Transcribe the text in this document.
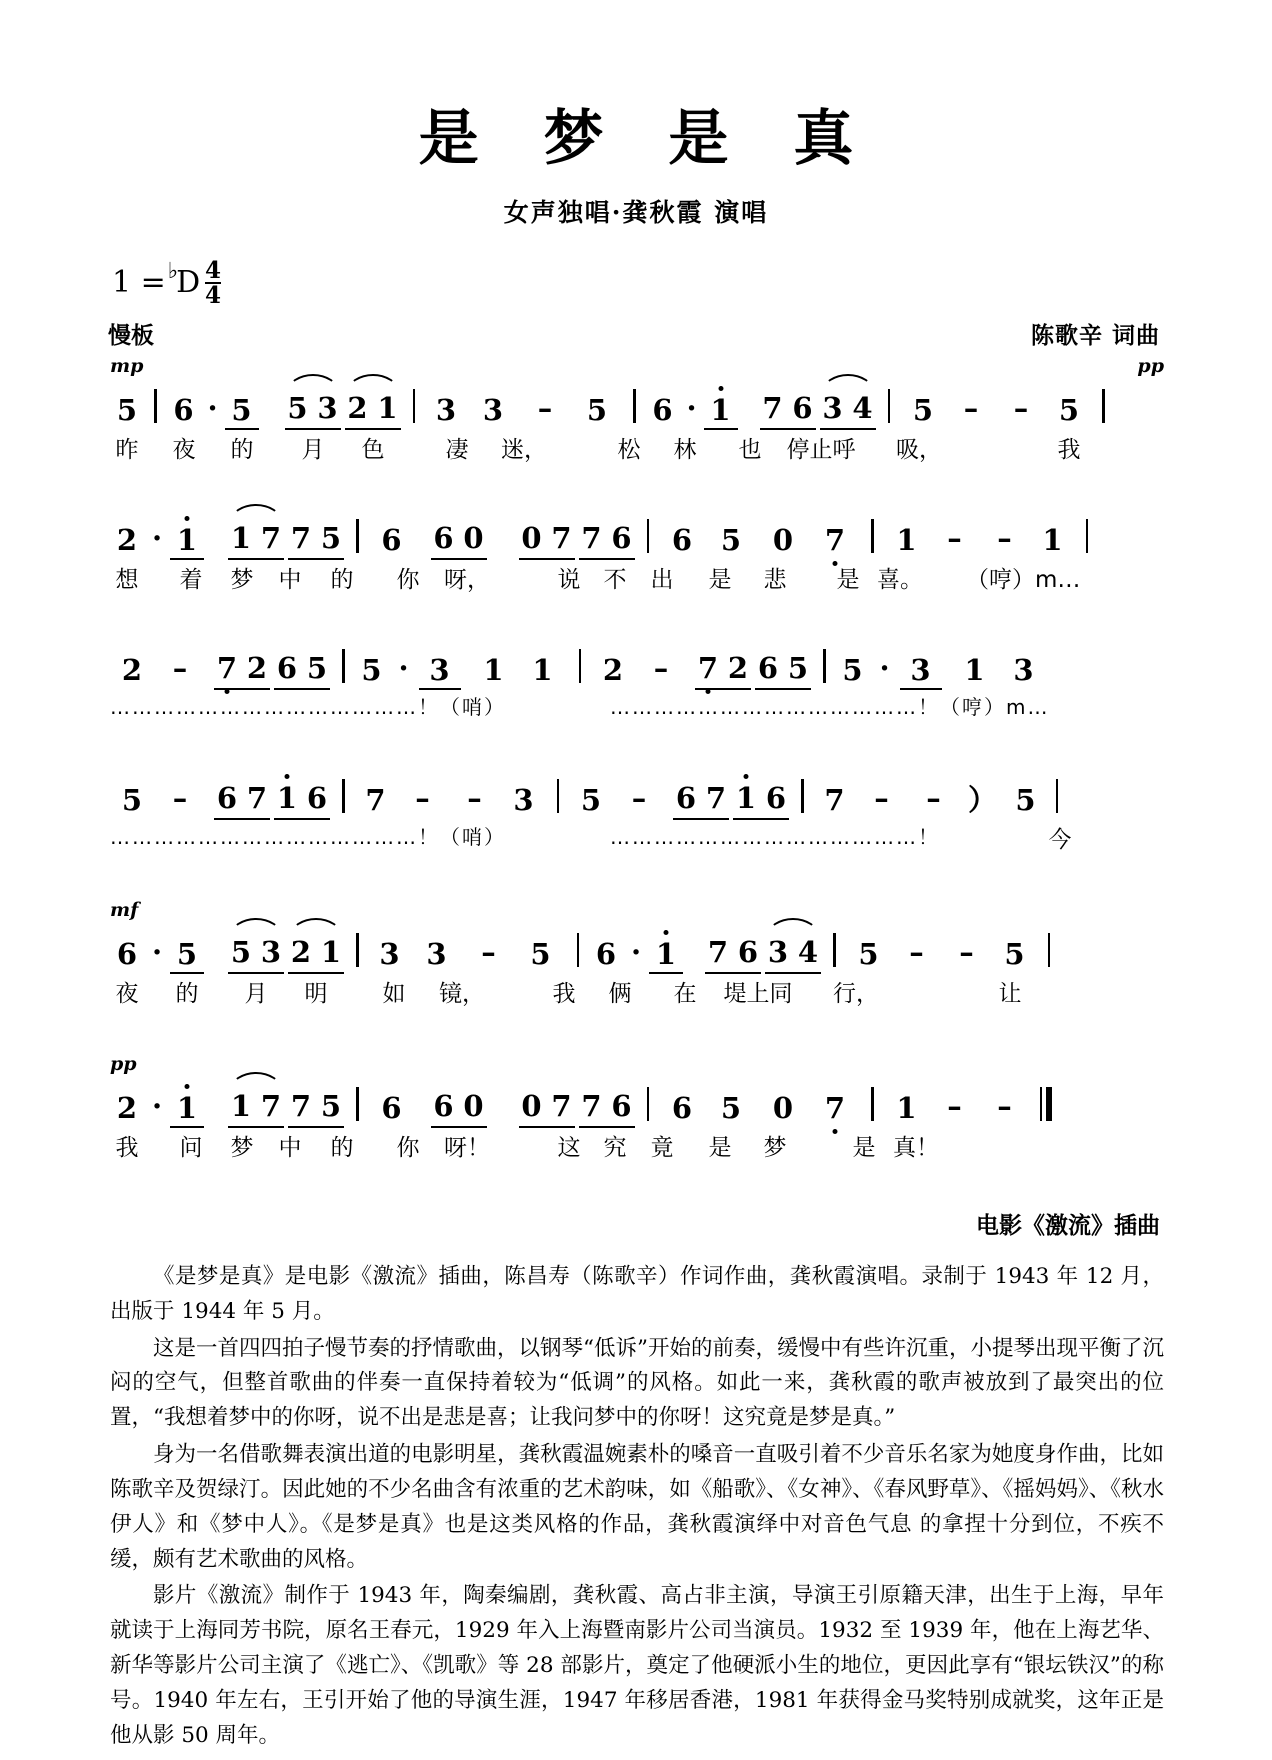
是 梦 是 真
女声独唱·龚秋霞 演唱
1 = ♭
D $\frac{4}{4}$
慢板	陈歌辛 词曲
mp	pp
5 6 · 5 5 3 2 1	3 3	–	5	6 · 1 7 6 3 4	5	–	–	5
昨 夜 的	月	色	凄	迷，	松	林	也	停止呼	吸，	我
2 · 1 1 7 7 5	6	6 0 0 7 7 6	6 5	0	7	1	–	–	1
想 着	梦	中	的	你	呀，	说	不	出	是	悲	是 喜。 （哼）m…
2	–	7 2 6 5 5 · 3	1 1	2	–	7 2 6 5 5 · 3	1 3
……………………………………！（哨）	……………………………………！（哼）m…
5	–	6 7 1 6	7	–	–	3	5	–	6 7 1 6	7	–	– ） 5
……………………………………！（哨）	……………………………………！	今
mf
6 · 5 5 3 2 1	3 3	–	5	6 · 1 7 6 3 4	5	–	–	5
夜 的	月	明	如	镜，	我	俩	在	堤上同	行，	让
pp
2 · 1 1 7 7 5	6	6 0 0 7 7 6	6 5	0	7	1	–	–
我 问	梦	中	的	你	呀！	这	究	竟	是	梦	是 真！
电影《激流》插曲

《是梦是真》是电影《激流》插曲，陈昌寿（陈歌辛）作词作曲，龚秋霞演唱。录制于 1943 年 12 月，出版于 1944 年 5 月。

这是一首四四拍子慢节奏的抒情歌曲，以钢琴“低诉”开始的前奏，缓慢中有些许沉重，小提琴出现平衡了沉闷的空气，但整首歌曲的伴奏一直保持着较为“低调”的风格。如此一来，龚秋霞的歌声被放到了最突出的位置，“我想着梦中的你呀，说不出是悲是喜；让我问梦中的你呀！这究竟是梦是真。”

身为一名借歌舞表演出道的电影明星，龚秋霞温婉素朴的嗓音一直吸引着不少音乐名家为她度身作曲，比如陈歌辛及贺绿汀。因此她的不少名曲含有浓重的艺术韵味，如《船歌》、《女神》、《春风野草》、《摇妈妈》、《秋水伊人》和《梦中人》。《是梦是真》也是这类风格的作品，龚秋霞演绎中对音色气息 的拿捏十分到位，不疾不缓，颇有艺术歌曲的风格。

影片《激流》制作于 1943 年，陶秦编剧，龚秋霞、高占非主演，导演王引原籍天津，出生于上海，早年就读于上海同芳书院，原名王春元，1929 年入上海暨南影片公司当演员。1932 至 1939 年，他在上海艺华、新华等影片公司主演了《逃亡》、《凯歌》等 28 部影片，奠定了他硬派小生的地位，更因此享有“银坛铁汉”的称号。1940 年左右，王引开始了他的导演生涯，1947 年移居香港，1981 年获得金马奖特别成就奖，这年正是他从影 50 周年。
